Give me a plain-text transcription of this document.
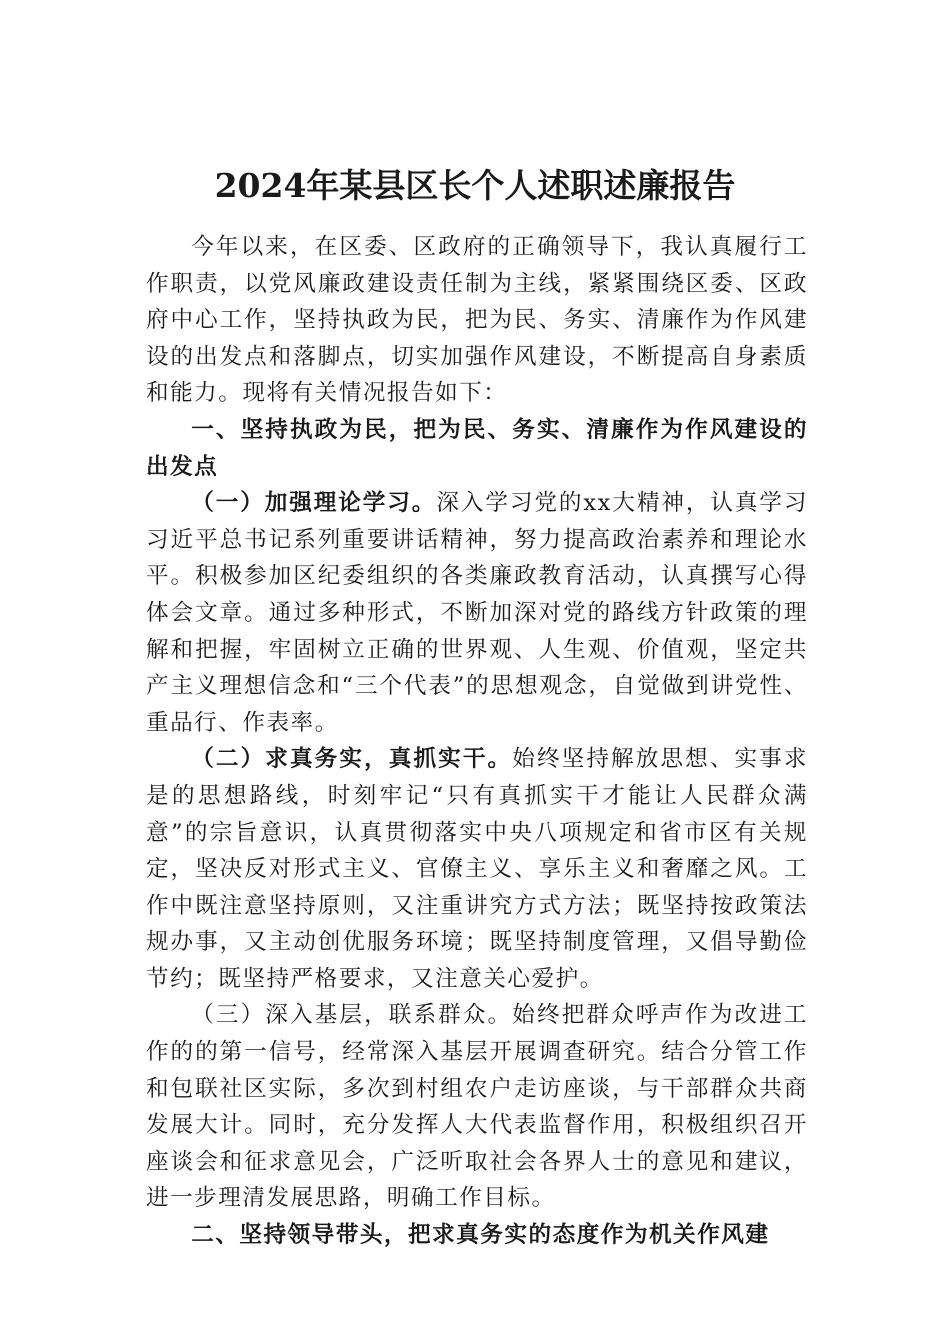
2024年某县区长个人述职述廉报告

今年以来，在区委、区政府的正确领导下，我认真履行工作职责，以党风廉政建设责任制为主线，紧紧围绕区委、区政府中心工作，坚持执政为民，把为民、务实、清廉作为作风建设的出发点和落脚点，切实加强作风建设，不断提高自身素质和能力。现将有关情况报告如下：

一、坚持执政为民，把为民、务实、清廉作为作风建设的出发点

（一）加强理论学习。深入学习党的xx大精神，认真学习习近平总书记系列重要讲话精神，努力提高政治素养和理论水平。积极参加区纪委组织的各类廉政教育活动，认真撰写心得体会文章。通过多种形式，不断加深对党的路线方针政策的理解和把握，牢固树立正确的世界观、人生观、价值观，坚定共产主义理想信念和“三个代表”的思想观念，自觉做到讲党性、重品行、作表率。

（二）求真务实，真抓实干。始终坚持解放思想、实事求是的思想路线，时刻牢记“只有真抓实干才能让人民群众满意”的宗旨意识，认真贯彻落实中央八项规定和省市区有关规定，坚决反对形式主义、官僚主义、享乐主义和奢靡之风。工作中既注意坚持原则，又注重讲究方式方法；既坚持按政策法规办事，又主动创优服务环境；既坚持制度管理，又倡导勤俭节约；既坚持严格要求，又注意关心爱护。

（三）深入基层，联系群众。始终把群众呼声作为改进工作的的第一信号，经常深入基层开展调查研究。结合分管工作和包联社区实际，多次到村组农户走访座谈，与干部群众共商发展大计。同时，充分发挥人大代表监督作用，积极组织召开座谈会和征求意见会，广泛听取社会各界人士的意见和建议，进一步理清发展思路，明确工作目标。

二、坚持领导带头，把求真务实的态度作为机关作风建
